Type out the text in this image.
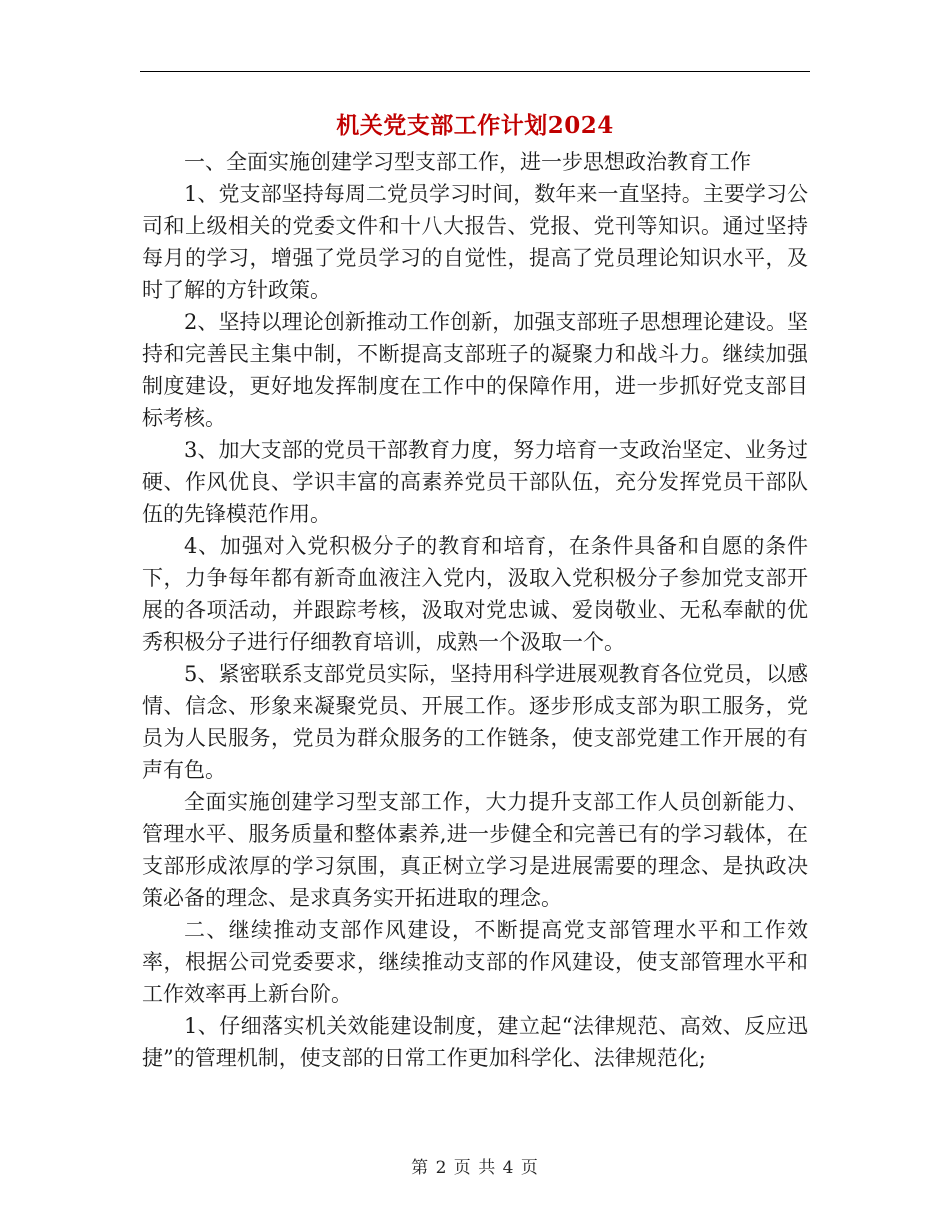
机关党支部工作计划2024

一、全面实施创建学习型支部工作，进一步思想政治教育工作

1、党支部坚持每周二党员学习时间，数年来一直坚持。主要学习公司和上级相关的党委文件和十八大报告、党报、党刊等知识。通过坚持每月的学习，增强了党员学习的自觉性，提高了党员理论知识水平，及时了解的方针政策。

2、坚持以理论创新推动工作创新，加强支部班子思想理论建设。坚持和完善民主集中制，不断提高支部班子的凝聚力和战斗力。继续加强制度建设，更好地发挥制度在工作中的保障作用，进一步抓好党支部目标考核。

3、加大支部的党员干部教育力度，努力培育一支政治坚定、业务过硬、作风优良、学识丰富的高素养党员干部队伍，充分发挥党员干部队伍的先锋模范作用。

4、加强对入党积极分子的教育和培育，在条件具备和自愿的条件下，力争每年都有新奇血液注入党内，汲取入党积极分子参加党支部开展的各项活动，并跟踪考核，汲取对党忠诚、爱岗敬业、无私奉献的优秀积极分子进行仔细教育培训，成熟一个汲取一个。

5、紧密联系支部党员实际，坚持用科学进展观教育各位党员，以感情、信念、形象来凝聚党员、开展工作。逐步形成支部为职工服务，党员为人民服务，党员为群众服务的工作链条，使支部党建工作开展的有声有色。

全面实施创建学习型支部工作，大力提升支部工作人员创新能力、管理水平、服务质量和整体素养,进一步健全和完善已有的学习载体，在支部形成浓厚的学习氛围，真正树立学习是进展需要的理念、是执政决策必备的理念、是求真务实开拓进取的理念。

二、继续推动支部作风建设，不断提高党支部管理水平和工作效率，根据公司党委要求，继续推动支部的作风建设，使支部管理水平和工作效率再上新台阶。

1、仔细落实机关效能建设制度，建立起“法律规范、高效、反应迅捷”的管理机制，使支部的日常工作更加科学化、法律规范化;

第 2 页 共 4 页
